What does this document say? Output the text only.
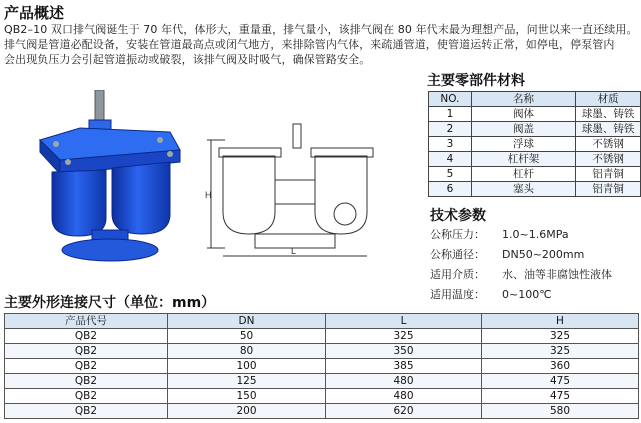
产品概述
QB2–10 双口排气阀诞生于 70 年代，体形大，重量重，排气量小，该排气阀在 80 年代末最为理想产品，问世以来一直还续用。
排气阀是管道必配设备，安装在管道最高点或闭气地方，来排除管内气体，来疏通管道，使管道运转正常，如停电，停泵管内
会出现负压力会引起管道振动或破裂，该排气阀及时吸气，确保管路安全。
H
L
主要零部件材料
NO.	名称	材质
1	阀体	球墨、铸铁
2	阀盖	球墨、铸铁
3	浮球	不锈钢
4	杠杆架	不锈钢
5	杠杆	铝青铜
6	塞头	铝青铜
技术参数
公称压力： 1.0~1.6MPa
公称通径： DN50~200mm
适用介质： 水、油等非腐蚀性液体
适用温度： 0~100℃
主要外形连接尺寸（单位：mm）
产品代号	DN	L	H
QB2	50	325	325
QB2	80	350	325
QB2	100	385	360
QB2	125	480	475
QB2	150	480	475
QB2	200	620	580
